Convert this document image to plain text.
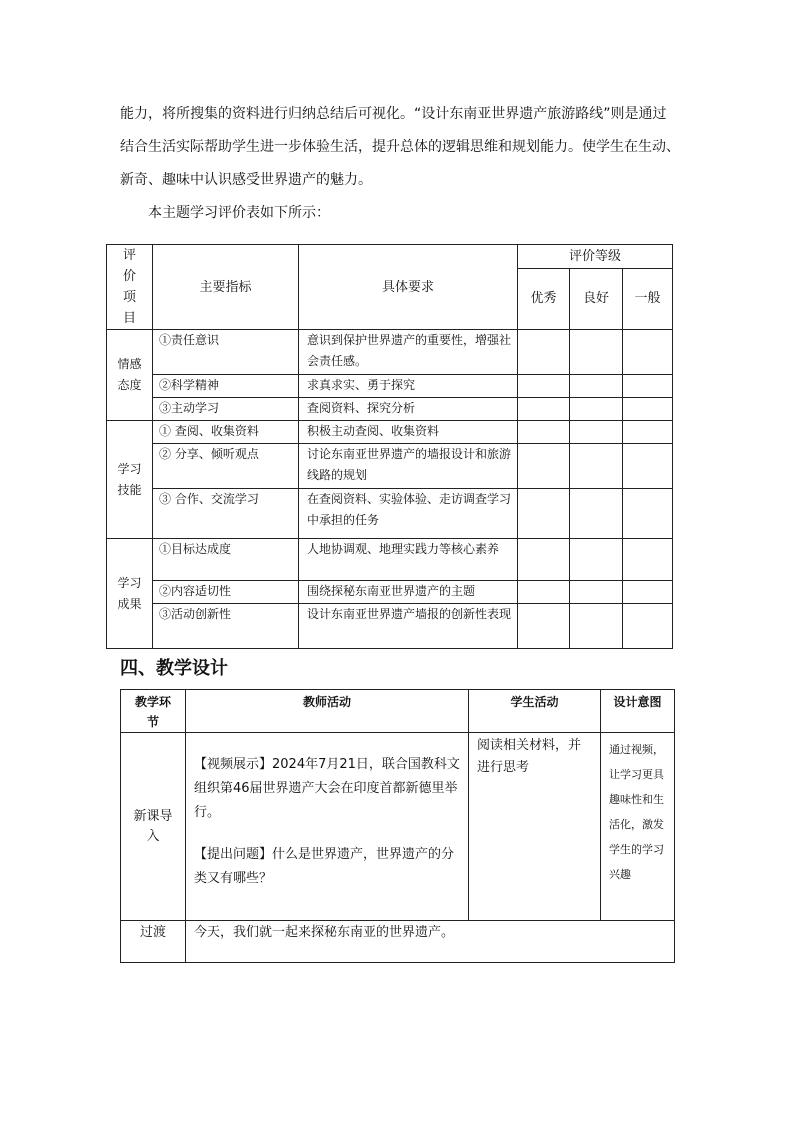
能力，将所搜集的资料进行归纳总结后可视化。“设计东南亚世界遗产旅游路线”则是通过
结合生活实际帮助学生进一步体验生活，提升总体的逻辑思维和规划能力。使学生在生动、
新奇、趣味中认识感受世界遗产的魅力。
本主题学习评价表如下所示：

评价项目	主要指标	具体要求	评价等级		
			优秀	良好	一般
情感态度	①责任意识	意识到保护世界遗产的重要性，增强社会责任感。			
	②科学精神	求真求实、勇于探究			
	③主动学习	查阅资料、探究分析			
学习技能	① 查阅、收集资料	积极主动查阅、收集资料			
	② 分享、倾听观点	讨论东南亚世界遗产的墙报设计和旅游线路的规划			
	③ 合作、交流学习	在查阅资料、实验体验、走访调查学习中承担的任务			
学习成果	①目标达成度	人地协调观、地理实践力等核心素养			
	②内容适切性	围绕探秘东南亚世界遗产的主题			
	③活动创新性	设计东南亚世界遗产墙报的创新性表现			
四、教学设计
教学环节	教师活动	学生活动	设计意图
新课导入	【视频展示】2024年7月21日，联合国教科文组织第46届世界遗产大会在印度首都新德里举行。

【提出问题】什么是世界遗产，世界遗产的分类又有哪些？	阅读相关材料，并进行思考	通过视频，让学习更具趣味性和生活化，激发学生的学习兴趣
过渡	今天，我们就一起来探秘东南亚的世界遗产。		
